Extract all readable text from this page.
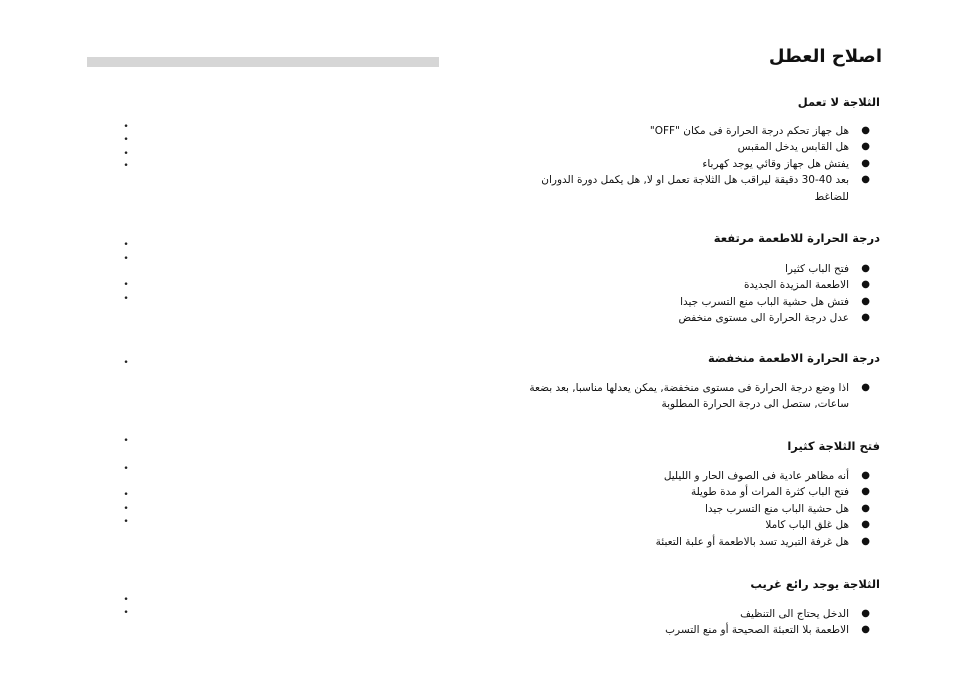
•
•
•
•
•
•
•
•
•
•
•
•
•
•
•
•
اصلاح العطل
الثلاجة لا تعمل
●
هل جهاز تحكم درجة الحرارة فى مكان "OFF"
●
هل القابس يدخل المقبس
●
يفتش هل جهاز وقائي يوجد كهرباء
●
بعد 40-30 دقيقة ليراقب هل الثلاجة تعمل او لا, هل يكمل دورة الدوران للضاغط
درجة الحرارة للاطعمة مرتفعة
●
فتح الباب كثيرا
●
الاطعمة المزيدة الجديدة
●
فتش هل حشية الباب منع التسرب جيدا
●
عدل درجة الحرارة الى مستوى منخفض
درجة الحرارة الاطعمة منخفضة
●
اذا وضع درجة الحرارة فى مستوى منخفضة, يمكن يعدلها مناسبا, بعد بضعة ساعات, ستصل الى درجة الحرارة المطلوبة
فتح الثلاجة كثيرا
●
أنه مظاهر عادية فى الصوف الحار و الليليل
●
فتح الباب كثرة المرات أو مدة طويلة
●
هل حشية الباب منع التسرب جيدا
●
هل غلق الباب كاملا
●
هل غرفة التبريد تسد بالاطعمة أو علبة التعبئة
الثلاجة يوجد رائع غريب
●
الدخل يحتاج الى التنظيف
●
الاطعمة بلا التعبئة الصحيحة أو منع التسرب
